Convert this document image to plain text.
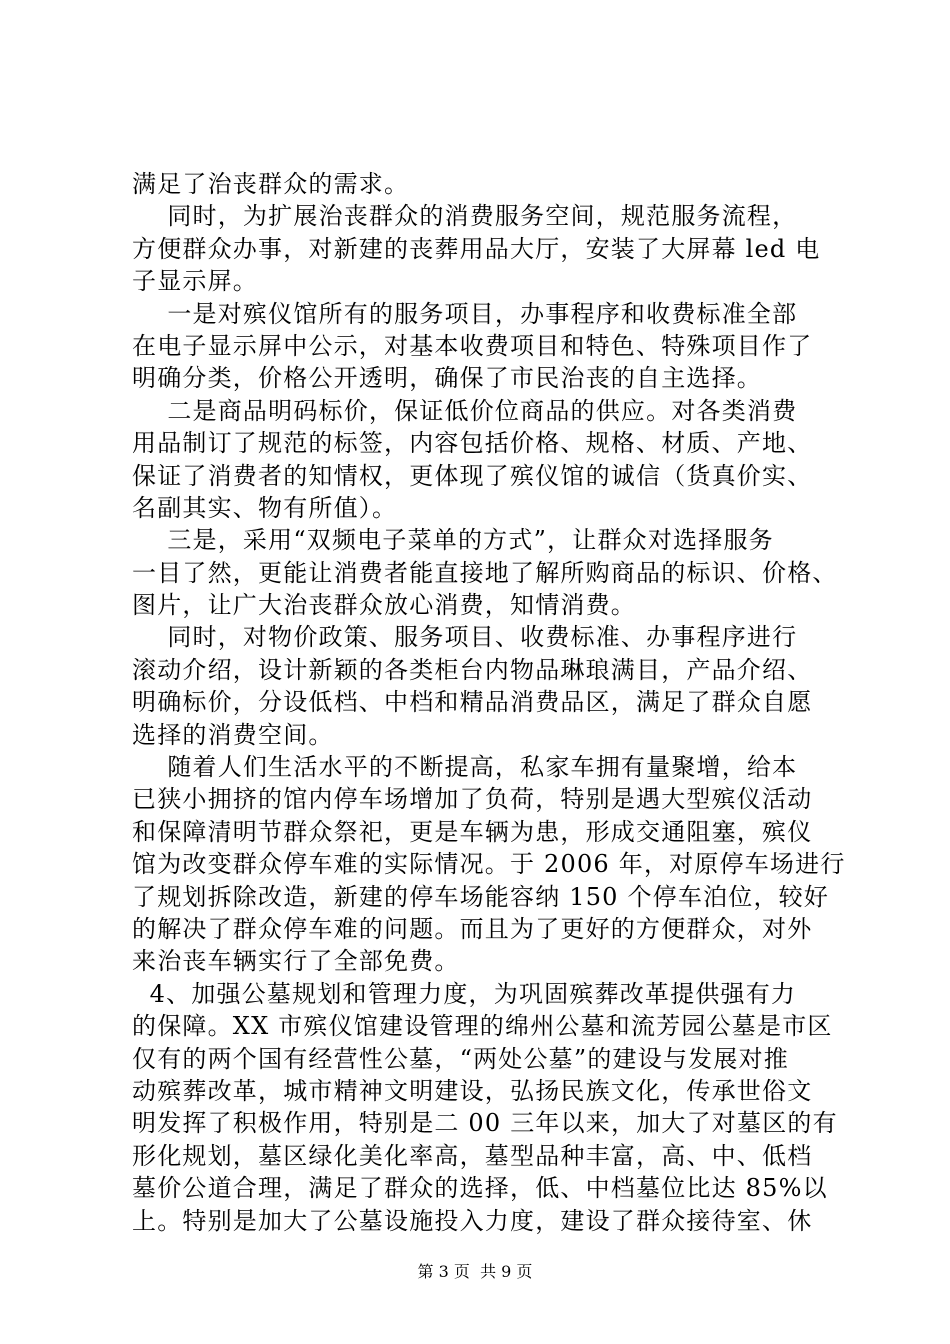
满足了治丧群众的需求。
同时，为扩展治丧群众的消费服务空间，规范服务流程，
方便群众办事，对新建的丧葬用品大厅，安装了大屏幕 led 电
子显示屏。
一是对殡仪馆所有的服务项目，办事程序和收费标准全部
在电子显示屏中公示，对基本收费项目和特色、特殊项目作了
明确分类，价格公开透明，确保了市民治丧的自主选择。
二是商品明码标价，保证低价位商品的供应。对各类消费
用品制订了规范的标签，内容包括价格、规格、材质、产地、
保证了消费者的知情权，更体现了殡仪馆的诚信（货真价实、
名副其实、物有所值）。
三是，采用“双频电子菜单的方式”，让群众对选择服务
一目了然，更能让消费者能直接地了解所购商品的标识、价格、
图片，让广大治丧群众放心消费，知情消费。
同时，对物价政策、服务项目、收费标准、办事程序进行
滚动介绍，设计新颖的各类柜台内物品琳琅满目，产品介绍、
明确标价，分设低档、中档和精品消费品区，满足了群众自愿
选择的消费空间。
随着人们生活水平的不断提高，私家车拥有量聚增，给本
已狭小拥挤的馆内停车场增加了负荷，特别是遇大型殡仪活动
和保障清明节群众祭祀，更是车辆为患，形成交通阻塞，殡仪
馆为改变群众停车难的实际情况。于 2006 年，对原停车场进行
了规划拆除改造，新建的停车场能容纳 150 个停车泊位，较好
的解决了群众停车难的问题。而且为了更好的方便群众，对外
来治丧车辆实行了全部免费。
4、加强公墓规划和管理力度，为巩固殡葬改革提供强有力
的保障。XX 市殡仪馆建设管理的绵州公墓和流芳园公墓是市区
仅有的两个国有经营性公墓，“两处公墓”的建设与发展对推
动殡葬改革，城市精神文明建设，弘扬民族文化，传承世俗文
明发挥了积极作用，特别是二 00 三年以来，加大了对墓区的有
形化规划，墓区绿化美化率高，墓型品种丰富，高、中、低档
墓价公道合理，满足了群众的选择，低、中档墓位比达 85%以
上。特别是加大了公墓设施投入力度，建设了群众接待室、休
第 3 页  共 9 页
